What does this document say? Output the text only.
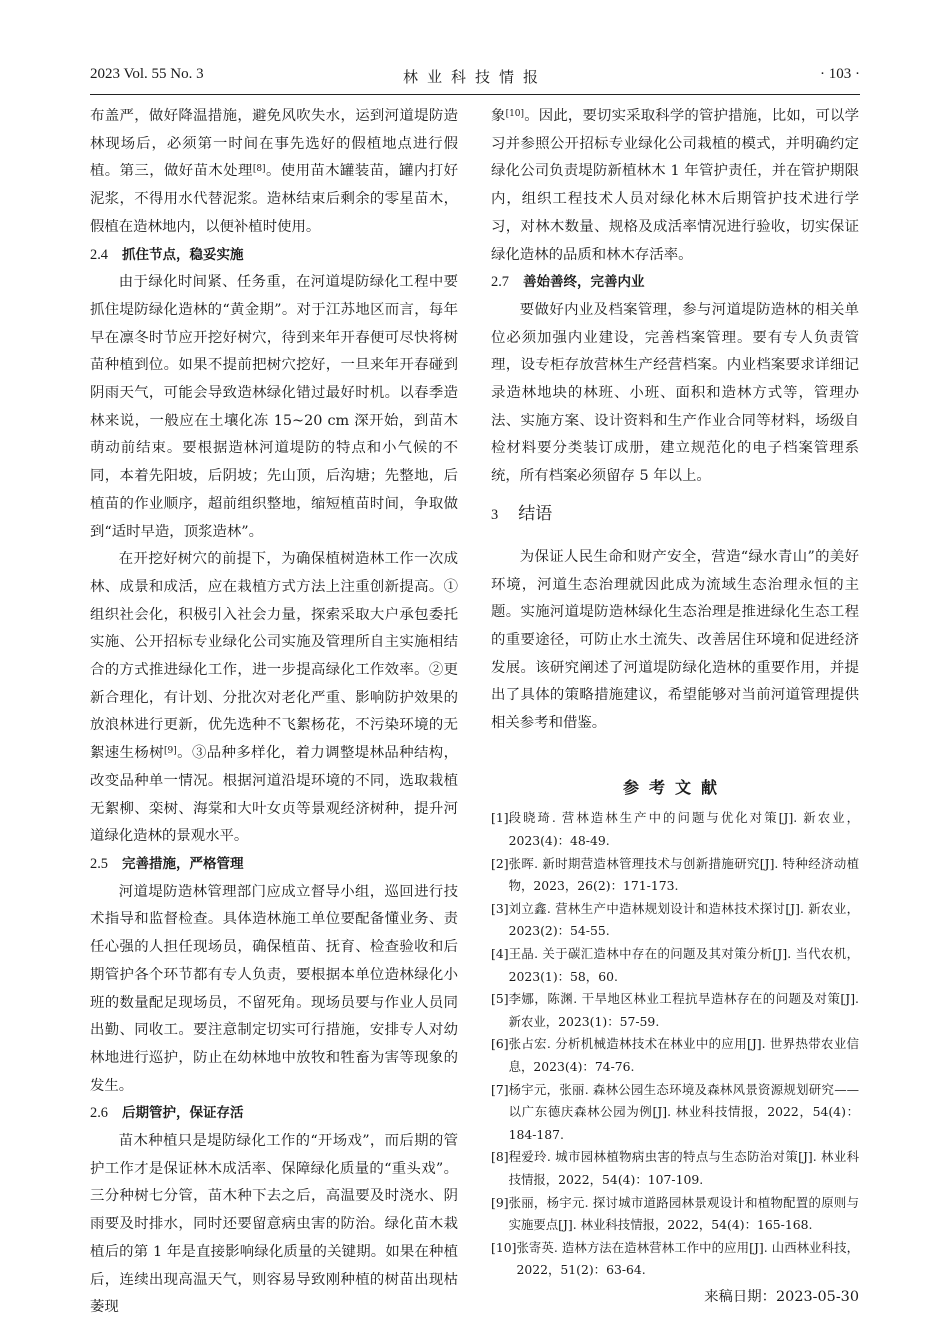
2023 Vol. 55 No. 3	林业科技情报	· 103 ·

布盖严，做好降温措施，避免风吹失水，运到河道堤防造林现场后，必须第一时间在事先选好的假植地点进行假植。第三，做好苗木处理[8]。使用苗木罐装苗，罐内打好泥浆，不得用水代替泥浆。造林结束后剩余的零星苗木，假植在造林地内，以便补植时使用。

2.4 抓住节点，稳妥实施

由于绿化时间紧、任务重，在河道堤防绿化工程中要抓住堤防绿化造林的“黄金期”。对于江苏地区而言，每年早在凛冬时节应开挖好树穴，待到来年开春便可尽快将树苗种植到位。如果不提前把树穴挖好，一旦来年开春碰到阴雨天气，可能会导致造林绿化错过最好时机。以春季造林来说，一般应在土壤化冻 15~20 cm 深开始，到苗木萌动前结束。要根据造林河道堤防的特点和小气候的不同，本着先阳坡，后阴坡；先山顶，后沟塘；先整地，后植苗的作业顺序，超前组织整地，缩短植苗时间，争取做到“适时早造，顶浆造林”。

在开挖好树穴的前提下，为确保植树造林工作一次成林、成景和成活，应在栽植方式方法上注重创新提高。①组织社会化，积极引入社会力量，探索采取大户承包委托实施、公开招标专业绿化公司实施及管理所自主实施相结合的方式推进绿化工作，进一步提高绿化工作效率。②更新合理化，有计划、分批次对老化严重、影响防护效果的放浪林进行更新，优先选种不飞絮杨花，不污染环境的无絮速生杨树[9]。③品种多样化，着力调整堤林品种结构，改变品种单一情况。根据河道沿堤环境的不同，选取栽植无絮柳、栾树、海棠和大叶女贞等景观经济树种，提升河道绿化造林的景观水平。

2.5 完善措施，严格管理

河道堤防造林管理部门应成立督导小组，巡回进行技术指导和监督检查。具体造林施工单位要配备懂业务、责任心强的人担任现场员，确保植苗、抚育、检查验收和后期管护各个环节都有专人负责，要根据本单位造林绿化小班的数量配足现场员，不留死角。现场员要与作业人员同出勤、同收工。要注意制定切实可行措施，安排专人对幼林地进行巡护，防止在幼林地中放牧和牲畜为害等现象的发生。

2.6 后期管护，保证存活

苗木种植只是堤防绿化工作的“开场戏”，而后期的管护工作才是保证林木成活率、保障绿化质量的“重头戏”。三分种树七分管，苗木种下去之后，高温要及时浇水、阴雨要及时排水，同时还要留意病虫害的防治。绿化苗木栽植后的第 1 年是直接影响绿化质量的关键期。如果在种植后，连续出现高温天气，则容易导致刚种植的树苗出现枯萎现

象[10]。因此，要切实采取科学的管护措施，比如，可以学习并参照公开招标专业绿化公司栽植的模式，并明确约定绿化公司负责堤防新植林木 1 年管护责任，并在管护期限内，组织工程技术人员对绿化林木后期管护技术进行学习，对林木数量、规格及成活率情况进行验收，切实保证绿化造林的品质和林木存活率。

2.7 善始善终，完善内业

要做好内业及档案管理，参与河道堤防造林的相关单位必须加强内业建设，完善档案管理。要有专人负责管理，设专柜存放营林生产经营档案。内业档案要求详细记录造林地块的林班、小班、面积和造林方式等，管理办法、实施方案、设计资料和生产作业合同等材料，场级自检材料要分类装订成册，建立规范化的电子档案管理系统，所有档案必须留存 5 年以上。

3 结语

为保证人民生命和财产安全，营造“绿水青山”的美好环境，河道生态治理就因此成为流域生态治理永恒的主题。实施河道堤防造林绿化生态治理是推进绿化生态工程的重要途径，可防止水土流失、改善居住环境和促进经济发展。该研究阐述了河道堤防绿化造林的重要作用，并提出了具体的策略措施建议，希望能够对当前河道管理提供相关参考和借鉴。

参考文献
[1] 段晓琦. 营林造林生产中的问题与优化对策[J]. 新农业，2023(4)：48-49.
[2] 张晖. 新时期营造林管理技术与创新措施研究[J]. 特种经济动植物，2023，26(2)：171-173.
[3] 刘立鑫. 营林生产中造林规划设计和造林技术探讨[J]. 新农业，2023(2)：54-55.
[4] 王晶. 关于碳汇造林中存在的问题及其对策分析[J]. 当代农机，2023(1)：58，60.
[5] 李娜，陈渊. 干旱地区林业工程抗旱造林存在的问题及对策[J]. 新农业，2023(1)：57-59.
[6] 张占宏. 分析机械造林技术在林业中的应用[J]. 世界热带农业信息，2023(4)：74-76.
[7] 杨宇元，张丽. 森林公园生态环境及森林风景资源规划研究——以广东德庆森林公园为例[J]. 林业科技情报，2022，54(4)：184-187.
[8] 程爱玲. 城市园林植物病虫害的特点与生态防治对策[J]. 林业科技情报，2022，54(4)：107-109.
[9] 张丽，杨宇元. 探讨城市道路园林景观设计和植物配置的原则与实施要点[J]. 林业科技情报，2022，54(4)：165-168.
[10] 张寄英. 造林方法在造林营林工作中的应用[J]. 山西林业科技，2022，51(2)：63-64.
来稿日期：2023-05-30
